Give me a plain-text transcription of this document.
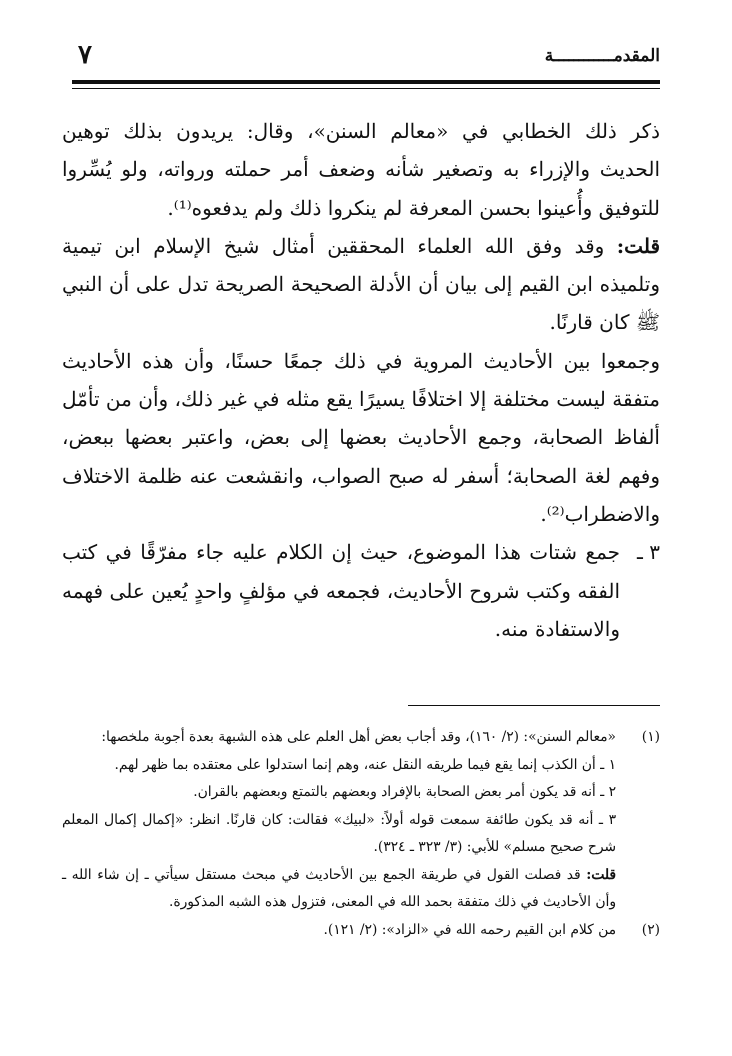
المقدمــــــــــــة
٧

ذكر ذلك الخطابي في «معالم السنن»، وقال: يريدون بذلك توهين الحديث والإزراء به وتصغير شأنه وضعف أمر حملته ورواته، ولو يُسِّروا للتوفيق وأُعينوا بحسن المعرفة لم ينكروا ذلك ولم يدفعوه⁽¹⁾.

قلت: وقد وفق الله العلماء المحققين أمثال شيخ الإسلام ابن تيمية وتلميذه ابن القيم إلى بيان أن الأدلة الصحيحة الصريحة تدل على أن النبي ﷺ كان قارنًا.

وجمعوا بين الأحاديث المروية في ذلك جمعًا حسنًا، وأن هذه الأحاديث متفقة ليست مختلفة إلا اختلافًا يسيرًا يقع مثله في غير ذلك، وأن من تأمّل ألفاظ الصحابة، وجمع الأحاديث بعضها إلى بعض، واعتبر بعضها ببعض، وفهم لغة الصحابة؛ أسفر له صبح الصواب، وانقشعت عنه ظلمة الاختلاف والاضطراب⁽²⁾.

٣ ـ
جمع شتات هذا الموضوع، حيث إن الكلام عليه جاء مفرّقًا في كتب الفقه وكتب شروح الأحاديث، فجمعه في مؤلفٍ واحدٍ يُعين على فهمه والاستفادة منه.
(١)
«معالم السنن»: (٢/ ١٦٠)، وقد أجاب بعض أهل العلم على هذه الشبهة بعدة أجوبة ملخصها:
١ ـ أن الكذب إنما يقع فيما طريقه النقل عنه، وهم إنما استدلوا على معتقده بما ظهر لهم.
٢ ـ أنه قد يكون أمر بعض الصحابة بالإفراد وبعضهم بالتمتع وبعضهم بالقران.
٣ ـ أنه قد يكون طائفة سمعت قوله أولاً: «لبيك» فقالت: كان قارنًا. انظر: «إكمال إكمال المعلم شرح صحيح مسلم» للأبي: (٣/ ٣٢٣ ـ ٣٢٤).
قلت: قد فصلت القول في طريقة الجمع بين الأحاديث في مبحث مستقل سيأتي ـ إن شاء الله ـ وأن الأحاديث في ذلك متفقة بحمد الله في المعنى، فتزول هذه الشبه المذكورة.
(٢)
من كلام ابن القيم رحمه الله في «الزاد»: (٢/ ١٢١).
